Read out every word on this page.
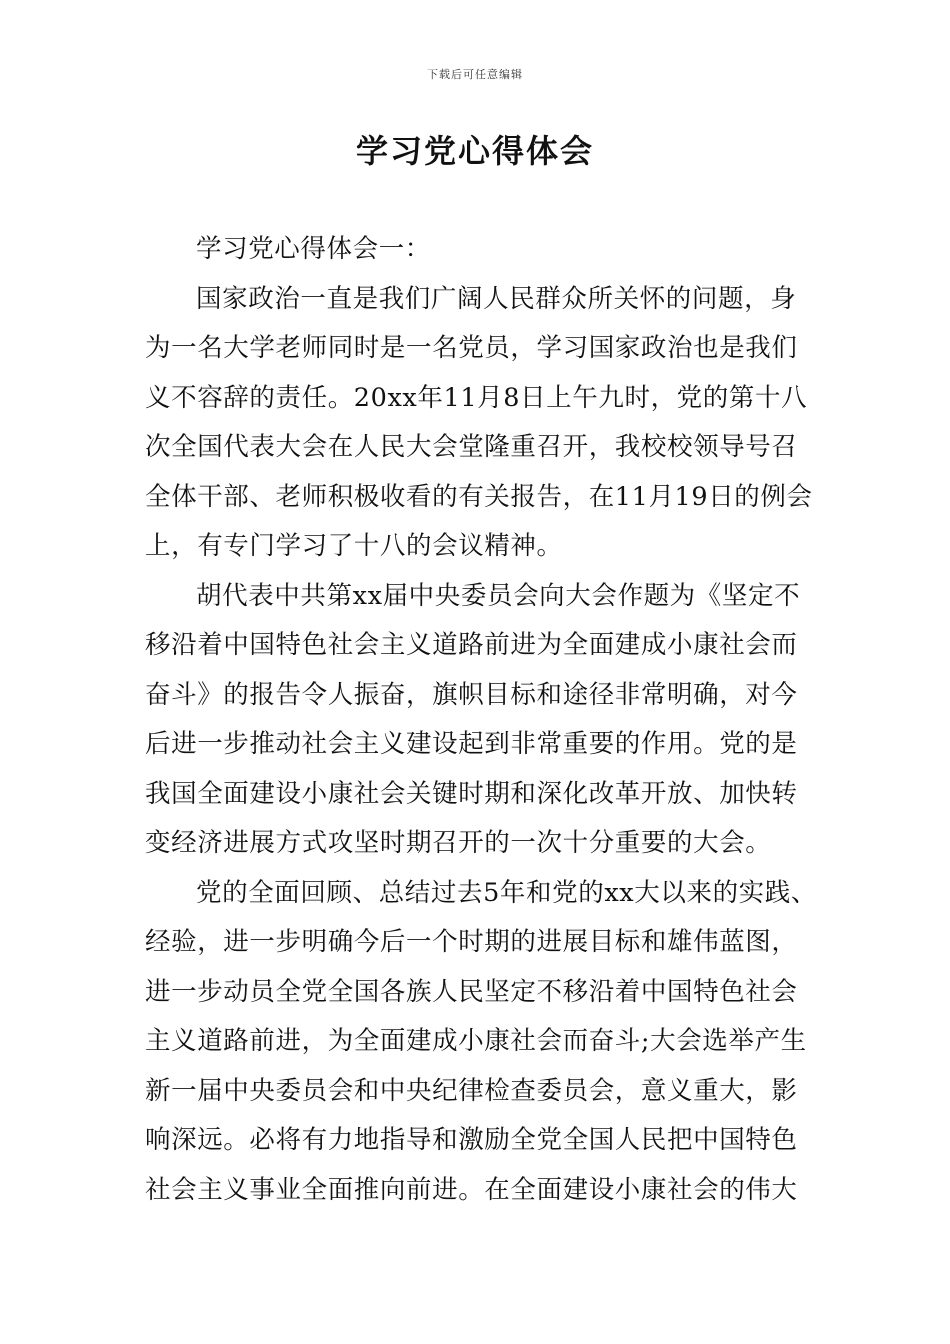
下载后可任意编辑
学习党心得体会
学习党心得体会一：
国家政治一直是我们广阔人民群众所关怀的问题，身
为一名大学老师同时是一名党员，学习国家政治也是我们
义不容辞的责任。20xx年11月8日上午九时，党的第十八
次全国代表大会在人民大会堂隆重召开，我校校领导号召
全体干部、老师积极收看的有关报告，在11月19日的例会
上，有专门学习了十八的会议精神。
胡代表中共第xx届中央委员会向大会作题为《坚定不
移沿着中国特色社会主义道路前进为全面建成小康社会而
奋斗》的报告令人振奋，旗帜目标和途径非常明确，对今
后进一步推动社会主义建设起到非常重要的作用。党的是
我国全面建设小康社会关键时期和深化改革开放、加快转
变经济进展方式攻坚时期召开的一次十分重要的大会。
党的全面回顾、总结过去5年和党的xx大以来的实践、
经验，进一步明确今后一个时期的进展目标和雄伟蓝图，
进一步动员全党全国各族人民坚定不移沿着中国特色社会
主义道路前进，为全面建成小康社会而奋斗;大会选举产生
新一届中央委员会和中央纪律检查委员会，意义重大，影
响深远。必将有力地指导和激励全党全国人民把中国特色
社会主义事业全面推向前进。在全面建设小康社会的伟大
